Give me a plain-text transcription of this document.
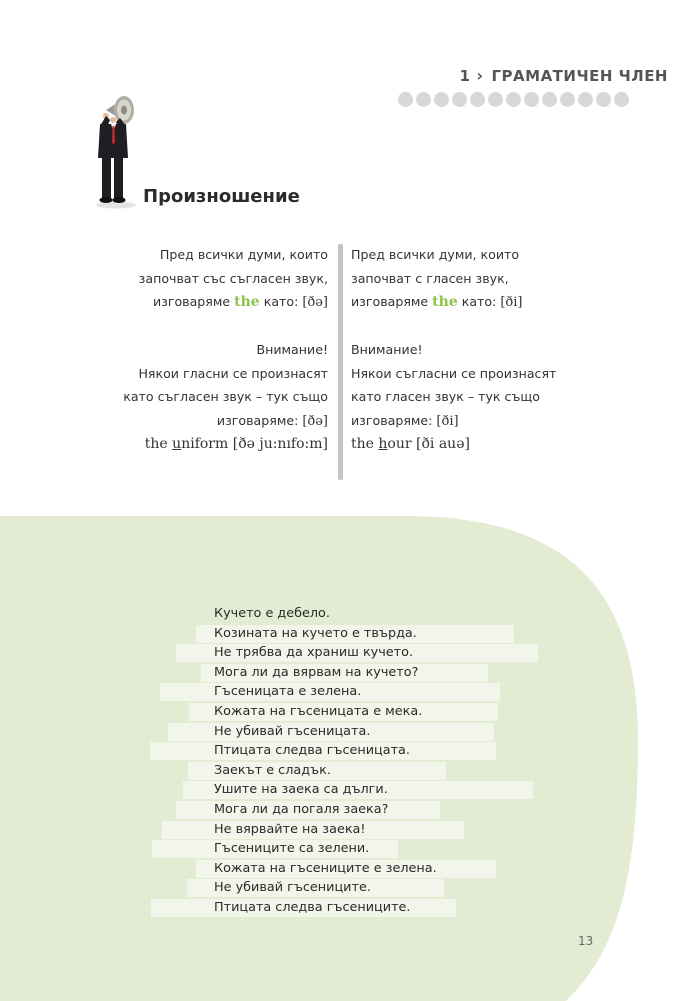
1 › ГРАМАТИЧЕН ЧЛЕН
Произношение
Пред всички думи, които
започват със съгласен звук,
изговаряме the като: [ðə]
Внимание!
Някои гласни се произнасят
като съгласен звук – тук също
изговаряме: [ðə]
the uniform [ðə ju:nıfo:m]
Пред всички думи, които
започват с гласен звук,
изговаряме the като: [ði]
Внимание!
Някои съгласни се произнасят
като гласен звук – тук също
изговаряме: [ði]
the hour [ði auə]
Кучето е дебело.
Козината на кучето е твърда.
Не трябва да храниш кучето.
Мога ли да вярвам на кучето?
Гъсеницата е зелена.
Кожата на гъсеницата е мека.
Не убивай гъсеницата.
Птицата следва гъсеницата.
Заекът е сладък.
Ушите на заека са дълги.
Мога ли да погаля заека?
Не вярвайте на заека!
Гъсениците са зелени.
Кожата на гъсениците е зелена.
Не убивай гъсениците.
Птицата следва гъсениците.
13
